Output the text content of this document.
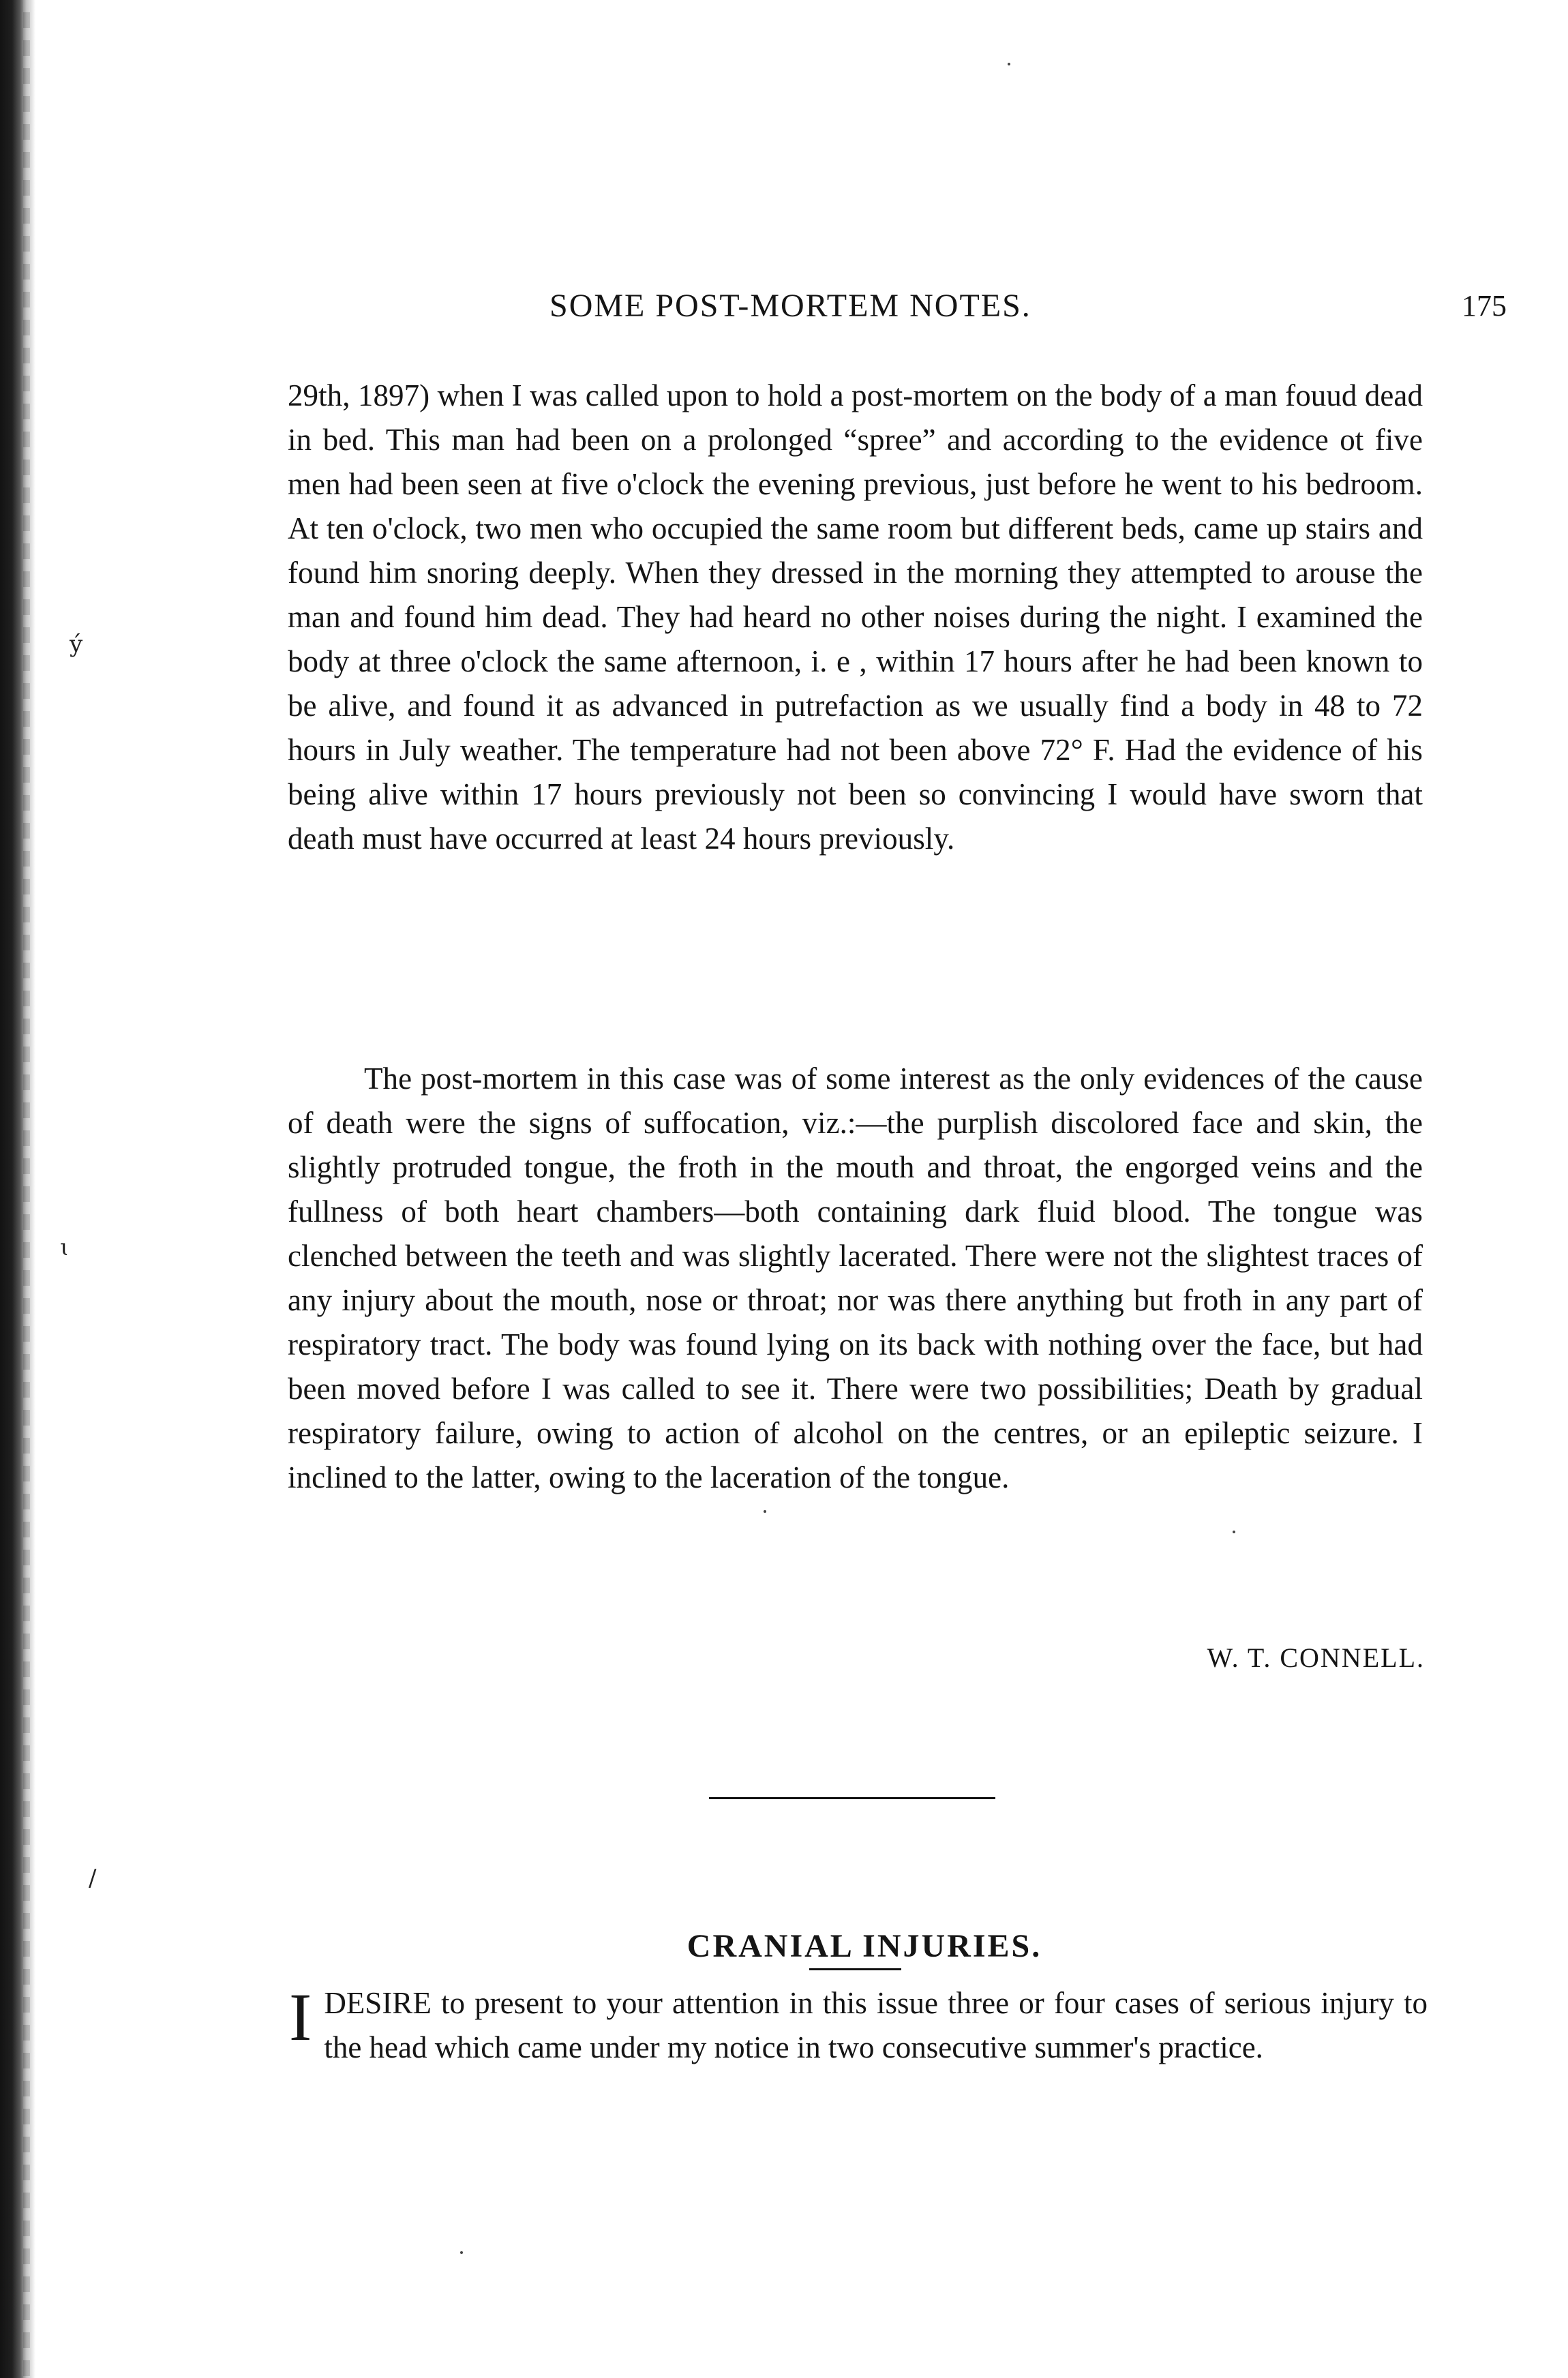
ý
ɩ
/
SOME POST-MORTEM NOTES.	175

29th, 1897) when I was called upon to hold a post-mortem on the body of a man fouud dead in bed. This man had been on a prolonged “spree” and according to the evidence ot five men had been seen at five o'clock the evening previous, just before he went to his bedroom. At ten o'clock, two men who occupied the same room but different beds, came up stairs and found him snoring deeply. When they dressed in the morning they attempted to arouse the man and found him dead. They had heard no other noises during the night. I examined the body at three o'clock the same afternoon, i. e , within 17 hours after he had been known to be alive, and found it as advanced in putrefaction as we usually find a body in 48 to 72 hours in July weather. The temperature had not been above 72° F. Had the evidence of his being alive within 17 hours previously not been so convincing I would have sworn that death must have occurred at least 24 hours previously.

The post-mortem in this case was of some interest as the only evidences of the cause of death were the signs of suffocation, viz.:—the purplish discolored face and skin, the slightly protruded tongue, the froth in the mouth and throat, the engorged veins and the fullness of both heart chambers—both containing dark fluid blood. The tongue was clenched between the teeth and was slightly lacerated. There were not the slightest traces of any injury about the mouth, nose or throat; nor was there anything but froth in any part of respiratory tract. The body was found lying on its back with nothing over the face, but had been moved before I was called to see it. There were two possibilities; Death by gradual respiratory failure, owing to action of alcohol on the centres, or an epileptic seizure. I inclined to the latter, owing to the laceration of the tongue.

W. T. CONNELL.
CRANIAL INJURIES.
I DESIRE to present to your attention in this issue three or four cases of serious injury to the head which came under my notice in two consecutive summer's practice.
